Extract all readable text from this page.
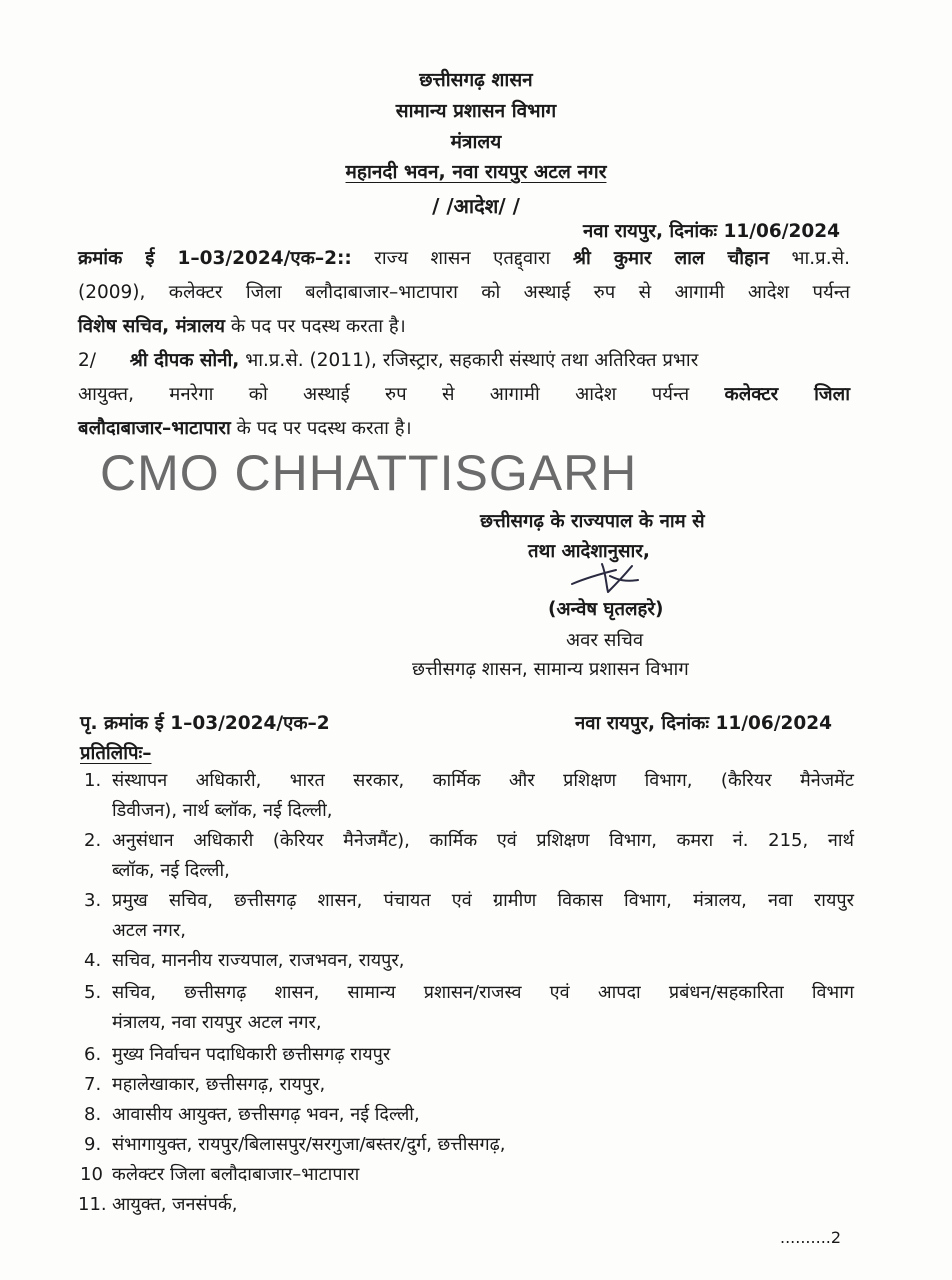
छत्तीसगढ़ शासन
सामान्य प्रशासन विभाग
मंत्रालय
महानदी भवन, नवा रायपुर अटल नगर
/ /आदेश/ /
नवा रायपुर, दिनांकः 11/06/2024
क्रमांक ई 1–03/2024/एक–2:: राज्य शासन एतद्द्वारा श्री कुमार लाल चौहान भा.प्र.से.
(2009), कलेक्टर जिला बलौदाबाजार–भाटापारा को अस्थाई रुप से आगामी आदेश पर्यन्त
विशेष सचिव, मंत्रालय के पद पर पदस्थ करता है।
2/ श्री दीपक सोनी, भा.प्र.से. (2011), रजिस्ट्रार, सहकारी संस्थाएं तथा अतिरिक्त प्रभार
आयुक्त, मनरेगा को अस्थाई रुप से आगामी आदेश पर्यन्त कलेक्टर जिला
बलौदाबाजार–भाटापारा के पद पर पदस्थ करता है।
CMO CHHATTISGARH
छत्तीसगढ़ के राज्यपाल के नाम से
तथा आदेशानुसार,
(अन्वेष घृतलहरे)
अवर सचिव
छत्तीसगढ़ शासन, सामान्य प्रशासन विभाग
पृ. क्रमांक ई 1–03/2024/एक–2	नवा रायपुर, दिनांकः 11/06/2024
प्रतिलिपिः–
1. संस्थापन अधिकारी, भारत सरकार, कार्मिक और प्रशिक्षण विभाग, (कैरियर मैनेजमेंट
डिवीजन), नार्थ ब्लॉक, नई दिल्ली,
2. अनुसंधान अधिकारी (केरियर मैनेजमैंट), कार्मिक एवं प्रशिक्षण विभाग, कमरा नं. 215, नार्थ
ब्लॉक, नई दिल्ली,
3. प्रमुख सचिव, छत्तीसगढ़ शासन, पंचायत एवं ग्रामीण विकास विभाग, मंत्रालय, नवा रायपुर
अटल नगर,
4. सचिव, माननीय राज्यपाल, राजभवन, रायपुर,
5. सचिव, छत्तीसगढ़ शासन, सामान्य प्रशासन/राजस्व एवं आपदा प्रबंधन/सहकारिता विभाग
मंत्रालय, नवा रायपुर अटल नगर,
6. मुख्य निर्वाचन पदाधिकारी छत्तीसगढ़ रायपुर
7. महालेखाकार, छत्तीसगढ़, रायपुर,
8. आवासीय आयुक्त, छत्तीसगढ़ भवन, नई दिल्ली,
9. संभागायुक्त, रायपुर/बिलासपुर/सरगुजा/बस्तर/दुर्ग, छत्तीसगढ़,
10 कलेक्टर जिला बलौदाबाजार–भाटापारा
11. आयुक्त, जनसंपर्क,
..........2
